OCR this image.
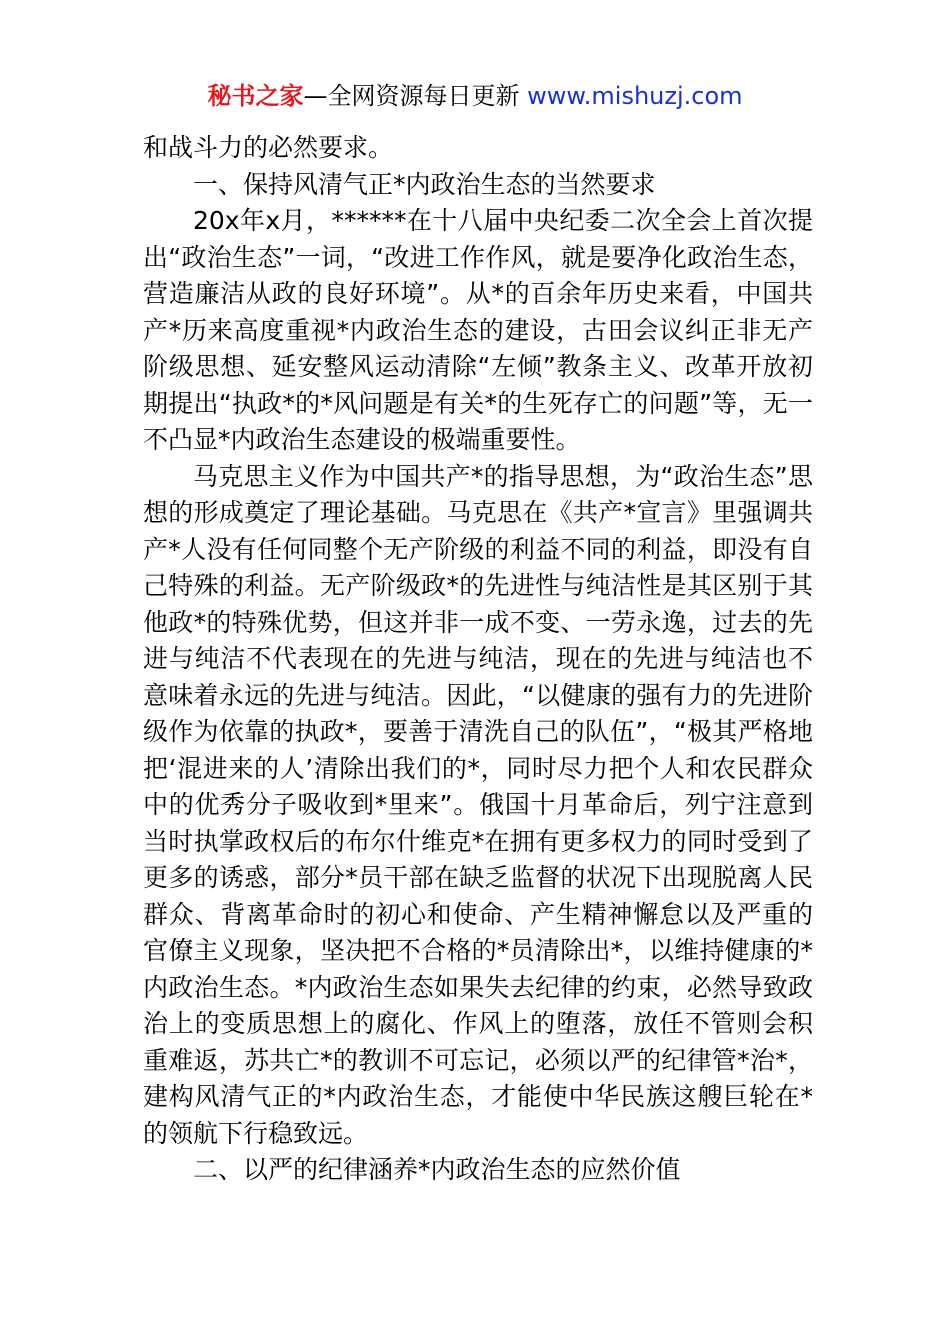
秘书之家—全网资源每日更新 www.mishuzj.com

和战斗力的必然要求。

一、保持风清气正*内政治生态的当然要求

20x年x月，******在十八届中央纪委二次全会上首次提出“政治生态”一词，“改进工作作风，就是要净化政治生态，营造廉洁从政的良好环境”。从*的百余年历史来看，中国共产*历来高度重视*内政治生态的建设，古田会议纠正非无产阶级思想、延安整风运动清除“左倾”教条主义、改革开放初期提出“执政*的*风问题是有关*的生死存亡的问题”等，无一不凸显*内政治生态建设的极端重要性。

马克思主义作为中国共产*的指导思想，为“政治生态”思想的形成奠定了理论基础。马克思在《共产*宣言》里强调共产*人没有任何同整个无产阶级的利益不同的利益，即没有自己特殊的利益。无产阶级政*的先进性与纯洁性是其区别于其他政*的特殊优势，但这并非一成不变、一劳永逸，过去的先进与纯洁不代表现在的先进与纯洁，现在的先进与纯洁也不意味着永远的先进与纯洁。因此，“以健康的强有力的先进阶级作为依靠的执政*，要善于清洗自己的队伍”，“极其严格地把‘混进来的人’清除出我们的*，同时尽力把个人和农民群众中的优秀分子吸收到*里来”。俄国十月革命后，列宁注意到当时执掌政权后的布尔什维克*在拥有更多权力的同时受到了更多的诱惑，部分*员干部在缺乏监督的状况下出现脱离人民群众、背离革命时的初心和使命、产生精神懈怠以及严重的官僚主义现象，坚决把不合格的*员清除出*，以维持健康的*内政治生态。*内政治生态如果失去纪律的约束，必然导致政治上的变质思想上的腐化、作风上的堕落，放任不管则会积重难返，苏共亡*的教训不可忘记，必须以严的纪律管*治*，建构风清气正的*内政治生态，才能使中华民族这艘巨轮在*的领航下行稳致远。

二、以严的纪律涵养*内政治生态的应然价值
